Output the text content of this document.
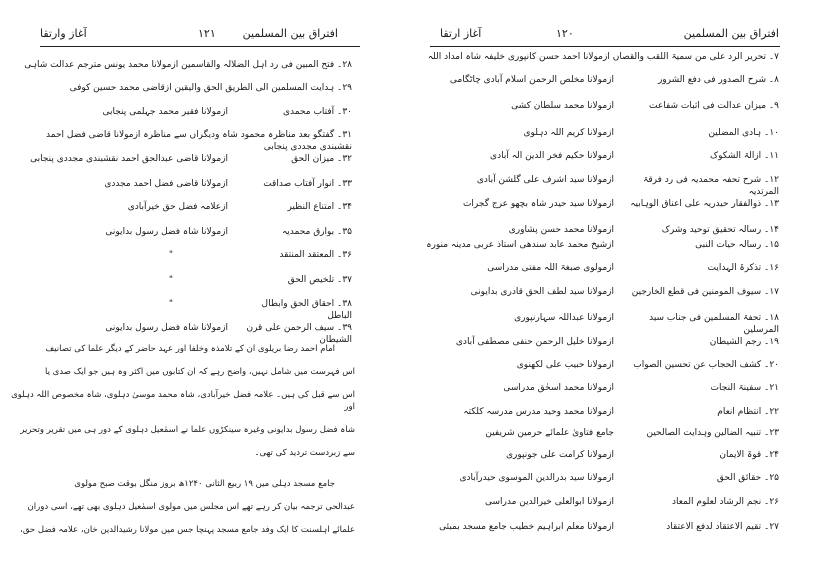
افتراق بین المسلمین
۱۲۱
آغاز وارتقا
۲۸۔ فتح المبین فی رد اہل الضلالہ والقاسمین ازمولانا محمد یونس مترجم عدالت شاہی
۲۹۔ ہدایت المسلمین الی الطریق الحق والیقین ازقاضی محمد حسین کوفی
۳۰۔ آفتاب محمدی
ازمولانا فقیر محمد جہلمی پنجابی
۳۱۔ گفتگو بعد مناظرہ محمود شاہ ودیگراں سے مناظرہ ازمولانا قاضی فضل احمد نقشبندی مجددی پنجابی
۳۲۔ میزان الحق
ازمولانا قاضی عبدالحق احمد نقشبندی مجددی پنجابی
۳۳۔ انوار آفتاب صداقت
ازمولانا قاضی فضل احمد مجددی
۳۴۔ امتناع النظیر
ازعلامہ فضل حق خیرآبادی
۳۵۔ بوارق محمدیہ
ازمولانا شاہ فضل رسول بدایونی
۳۶۔ المعتقد المنتقد
"
۳۷۔ تلخیص الحق
"
۳۸۔ احقاق الحق وابطال الباطل
"
۳۹۔ سیف الرحمن علی قرن الشیطان
ازمولانا شاہ فضل رسول بدایونی
امام احمد رضا بریلوی ان کے تلامذہ وخلفا اور عہد حاضر کے دیگر علما کی تصانیف
اس فہرست میں شامل نہیں، واضح رہے کہ ان کتابوں میں اکثر وہ ہیں جو ایک صدی یا
اس سے قبل کی ہیں۔ علامہ فضل خیرآبادی، شاہ محمد موسیٰ دہلوی، شاہ مخصوص اللہ دہلوی اور
شاہ فضل رسول بدایونی وغیرہ سینکڑوں علما نے اسمٰعیل دہلوی کے دور ہی میں تقریر وتحریر
سے زبردست تردید کی تھی۔
جامع مسجد دہلی میں ۱۹ ربیع الثانی ۱۲۴۰ھ بروز منگل بوقت صبح مولوی
عبدالحی ترجمہ بیان کر رہے تھے اس مجلس میں مولوی اسمٰعیل دہلوی بھی تھے، اسی دوران
علمائے اہلسنت کا ایک وفد جامع مسجد پہنچا جس میں مولانا رشیدالدین خان، علامہ فضل حق،
افتراق بین المسلمین
۱۲۰
آغاز ارتقا
۷۔ تحریر الرد علی من سمیۃ اللقب والقصاں ازمولانا احمد حسن کانپوری خلیفہ شاہ امداد اللہ
۸۔ شرح الصدور فی دفع الشرور
ازمولانا مخلص الرحمن اسلام آبادی چاٹگامی
۹۔ میزان عدالت فی اثبات شفاعت
ازمولانا محمد سلطان کشی
۱۰۔ ہادی المضلین
ازمولانا کریم اللہ دہلوی
۱۱۔ ازالۃ الشکوک
ازمولانا حکیم فخر الدین الہ آبادی
۱۲۔ شرح تحفہ محمدیہ فی رد فرقۃ المرتدیہ
ازمولانا سید اشرف علی گلشن آبادی
۱۳۔ ذوالفقار حیدریہ علی اعناق الوہابیہ
ازمولانا سید حیدر شاہ بچھو عرج گجرات
۱۴۔ رسالہ تحقیق توحید وشرک
ازمولانا محمد حسن پشاوری
۱۵۔ رسالہ حیات النبی
ازشیخ محمد عابد سندھی استاذ عربی مدینہ منورہ
۱۶۔ تذکرۃ الہدایت
ازمولوی صبغۃ اللہ مفتی مدراسی
۱۷۔ سیوف المومنین فی قطع الخارجین
ازمولانا سید لطف الحق قادری بدایونی
۱۸۔ تحفۃ المسلمین فی جناب سید المرسلین
ازمولانا عبداللہ سہارنپوری
۱۹۔ رجم الشیطان
ازمولانا خلیل الرحمن حنفی مصطفی آبادی
۲۰۔ کشف الحجاب عن تحسین الصواب
ازمولانا حبیب علی لکھنوی
۲۱۔ سفینۃ النجات
ازمولانا محمد اسحٰق مدراسی
۲۲۔ انتظام انعام
ازمولانا محمد وحید مدرس مدرسہ کلکتہ
۲۳۔ تنبیہ الضالین وہدایت الصالحین
جامع فتاویٰ علمائے حرمین شریفین
۲۴۔ قوۃ الایمان
ازمولانا کرامت علی جونپوری
۲۵۔ حقائق الحق
ازمولانا سید بدرالدین الموسوی حیدرآبادی
۲۶۔ نجم الرشاد لعلوم المعاد
ازمولانا ابوالعلی خیرالدین مدراسی
۲۷۔ تقیم الاعتقاد لدفع الاعتقاد
ازمولانا معلم ابراہیم خطیب جامع مسجد بمبئی
